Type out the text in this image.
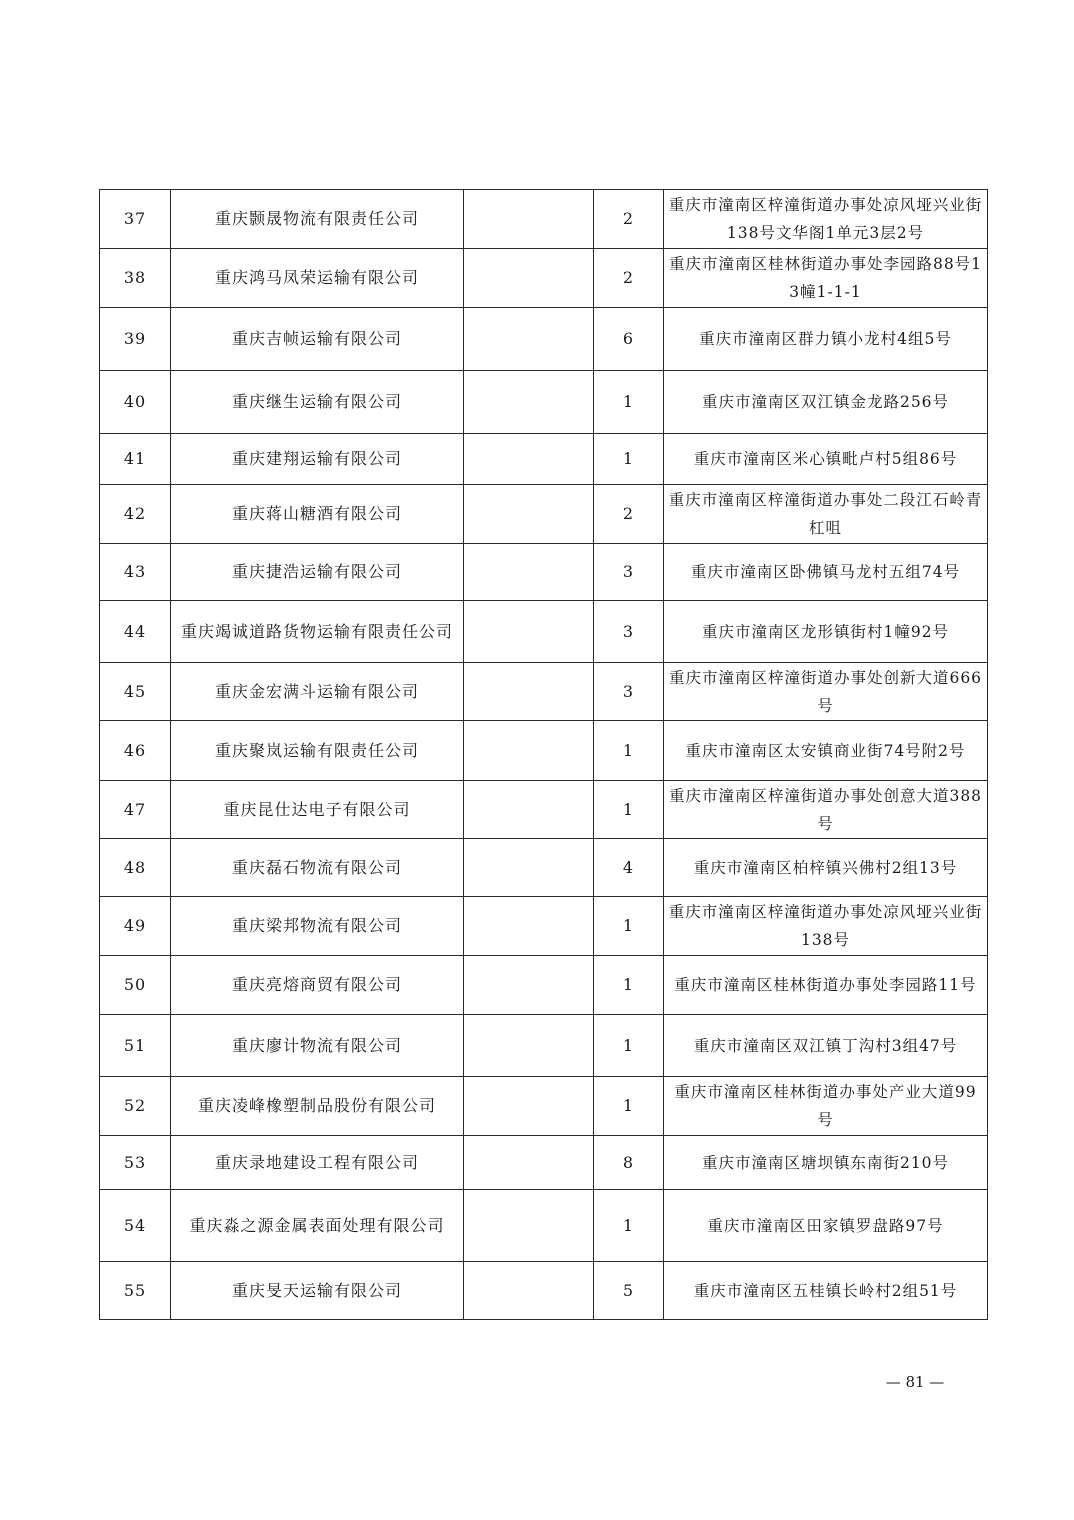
37	重庆颢晟物流有限责任公司		2	重庆市潼南区梓潼街道办事处凉风垭兴业街138号文华阁1单元3层2号
38	重庆鸿马凤荣运输有限公司		2	重庆市潼南区桂林街道办事处李园路88号13幢1-1-1
39	重庆吉帧运输有限公司		6	重庆市潼南区群力镇小龙村4组5号
40	重庆继生运输有限公司		1	重庆市潼南区双江镇金龙路256号
41	重庆建翔运输有限公司		1	重庆市潼南区米心镇毗卢村5组86号
42	重庆蒋山糖酒有限公司		2	重庆市潼南区梓潼街道办事处二段江石岭青杠咀
43	重庆捷浩运输有限公司		3	重庆市潼南区卧佛镇马龙村五组74号
44	重庆竭诚道路货物运输有限责任公司		3	重庆市潼南区龙形镇街村1幢92号
45	重庆金宏满斗运输有限公司		3	重庆市潼南区梓潼街道办事处创新大道666号
46	重庆聚岚运输有限责任公司		1	重庆市潼南区太安镇商业街74号附2号
47	重庆昆仕达电子有限公司		1	重庆市潼南区梓潼街道办事处创意大道388号
48	重庆磊石物流有限公司		4	重庆市潼南区柏梓镇兴佛村2组13号
49	重庆梁邦物流有限公司		1	重庆市潼南区梓潼街道办事处凉风垭兴业街138号
50	重庆亮熔商贸有限公司		1	重庆市潼南区桂林街道办事处李园路11号
51	重庆廖计物流有限公司		1	重庆市潼南区双江镇丁沟村3组47号
52	重庆凌峰橡塑制品股份有限公司		1	重庆市潼南区桂林街道办事处产业大道99号
53	重庆录地建设工程有限公司		8	重庆市潼南区塘坝镇东南街210号
54	重庆淼之源金属表面处理有限公司		1	重庆市潼南区田家镇罗盘路97号
55	重庆旻天运输有限公司		5	重庆市潼南区五桂镇长岭村2组51号
— 81 —
